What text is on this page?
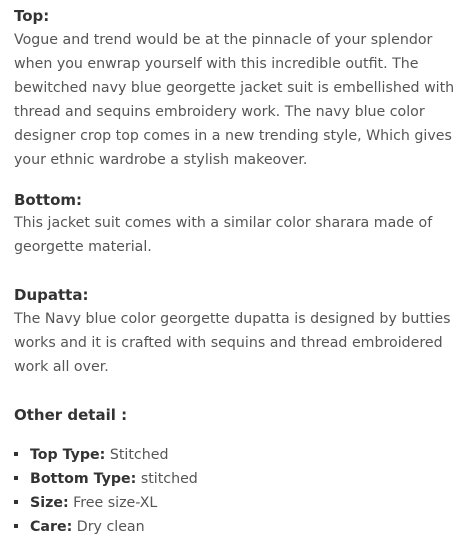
Top:

Vogue and trend would be at the pinnacle of your splendor when you enwrap yourself with this incredible outfit. The bewitched navy blue georgette jacket suit is embellished with thread and sequins embroidery work. The navy blue color designer crop top comes in a new trending style, Which gives your ethnic wardrobe a stylish makeover.

Bottom:

This jacket suit comes with a similar color sharara made of georgette material.

Dupatta:

The Navy blue color georgette dupatta is designed by butties works and it is crafted with sequins and thread embroidered work all over.

Other detail :
Top Type: Stitched
Bottom Type: stitched
Size: Free size-XL
Care: Dry clean
